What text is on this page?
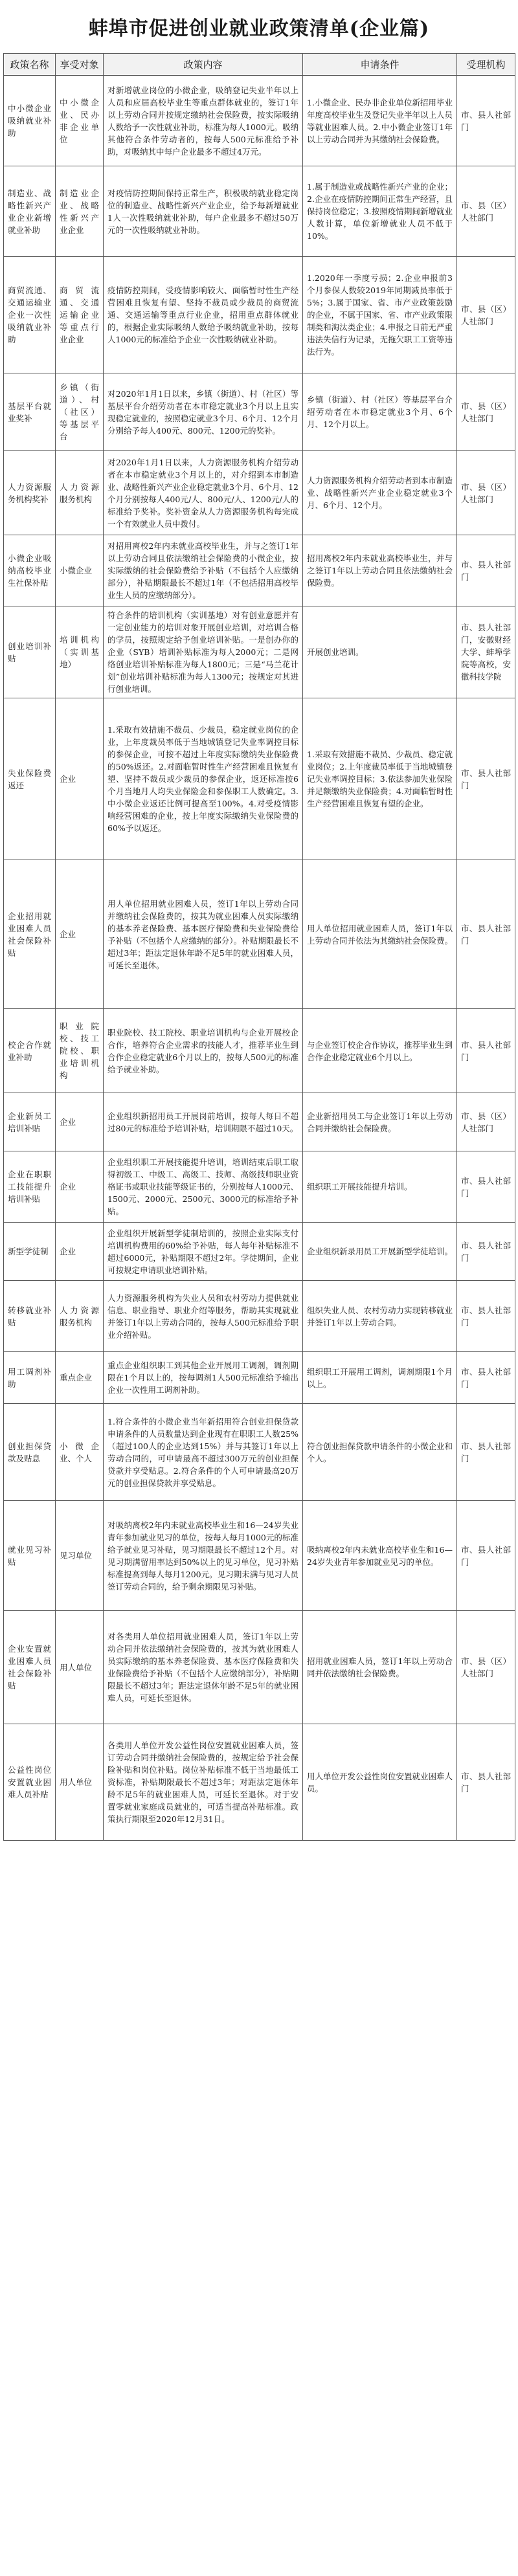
蚌埠市促进创业就业政策清单(企业篇)
政策名称	享受对象	政策内容	申请条件	受理机构
中小微企业吸纳就业补助	中小微企业、民办非企业单位	对新增就业岗位的小微企业，吸纳登记失业半年以上人员和应届高校毕业生等重点群体就业的，签订1年以上劳动合同并按规定缴纳社会保险费，按实际吸纳人数给予一次性就业补助，标准为每人1000元。吸纳其他符合条件劳动者的，按每人500元标准给予补助，对吸纳其中每户企业最多不超过4万元。	1.小微企业、民办非企业单位新招用毕业年度高校毕业生及登记失业半年以上人员等就业困难人员。2.中小微企业签订1年以上劳动合同并为其缴纳社会保险费。	市、县人社部门
制造业、战略性新兴产业企业新增就业补助	制造业企业、战略性新兴产业企业	对疫情防控期间保持正常生产，积极吸纳就业稳定岗位的制造业、战略性新兴产业企业，给予每新增就业1人一次性吸纳就业补助，每户企业最多不超过50万元的一次性吸纳就业补助。	1.属于制造业或战略性新兴产业的企业；2.企业在疫情防控期间正常生产经营，且保持岗位稳定；3.按照疫情期间新增就业人数计算，单位新增就业人员不低于10%。	市、县（区）人社部门
商贸流通、交通运输业企业一次性吸纳就业补助	商贸流通、交通运输企业等重点行业企业	疫情防控期间，受疫情影响较大、面临暂时性生产经营困难且恢复有望、坚持不裁员或少裁员的商贸流通、交通运输等重点行业企业，招用重点群体就业的，根据企业实际吸纳人数给予吸纳就业补助，按每人1000元的标准给予企业一次性吸纳就业补助。	1.2020年一季度亏损；2.企业申报前3个月参保人数较2019年同期减员率低于5%；3.属于国家、省、市产业政策鼓励的企业，不属于国家、省、市产业政策限制类和淘汰类企业；4.申报之日前无严重违法失信行为记录，无拖欠职工工资等违法行为。	市、县（区）人社部门
基层平台就业奖补	乡镇（街道）、村（社区）等基层平台	对2020年1月1日以来，乡镇（街道）、村（社区）等基层平台介绍劳动者在本市稳定就业3个月以上且实现稳定就业的，按照稳定就业3个月、6个月、12个月分别给予每人400元、800元、1200元的奖补。	乡镇（街道）、村（社区）等基层平台介绍劳动者在本市稳定就业3个月、6个月、12个月以上。	市、县（区）人社部门
人力资源服务机构奖补	人力资源服务机构	对2020年1月1日以来，人力资源服务机构介绍劳动者在本市稳定就业3个月以上的，对介绍到本市制造业、战略性新兴产业企业稳定就业3个月、6个月、12个月分别按每人400元/人、800元/人、1200元/人的标准给予奖补。奖补资金从人力资源服务机构每完成一个有效就业人员中拨付。	人力资源服务机构介绍劳动者到本市制造业、战略性新兴产业企业稳定就业3个月、6个月、12个月。	市、县（区）人社部门
小微企业吸纳高校毕业生社保补贴	小微企业	对招用离校2年内未就业高校毕业生，并与之签订1年以上劳动合同且依法缴纳社会保险费的小微企业，按实际缴纳的社会保险费给予补贴（不包括个人应缴纳部分），补贴期限最长不超过1年（不包括招用高校毕业生人员的应缴纳部分）。	招用离校2年内未就业高校毕业生，并与之签订1年以上劳动合同且依法缴纳社会保险费。	市、县人社部门
创业培训补贴	培训机构（实训基地）	符合条件的培训机构（实训基地）对有创业意愿并有一定创业能力的培训对象开展创业培训，对培训合格的学员，按照规定给予创业培训补贴。一是创办你的企业（SYB）培训补贴标准为每人2000元；二是网络创业培训补贴标准为每人1800元；三是“马兰花计划”创业培训补贴标准为每人1300元；按规定对其进行创业培训。	开展创业培训。	市、县人社部门，安徽财经大学、蚌埠学院等高校，安徽科技学院
失业保险费返还	企业	1.采取有效措施不裁员、少裁员，稳定就业岗位的企业，上年度裁员率低于当地城镇登记失业率调控目标的参保企业，可按不超过上年度实际缴纳失业保险费的50%返还。2.对面临暂时性生产经营困难且恢复有望、坚持不裁员或少裁员的参保企业，返还标准按6个月当地月人均失业保险金和参保职工人数确定。3.中小微企业返还比例可提高至100%。4.对受疫情影响经营困难的企业，按上年度实际缴纳失业保险费的60%予以返还。	1.采取有效措施不裁员、少裁员、稳定就业岗位；2.上年度裁员率低于当地城镇登记失业率调控目标；3.依法参加失业保险并足额缴纳失业保险费；4.对面临暂时性生产经营困难且恢复有望的企业。	市、县人社部门
企业招用就业困难人员社会保险补贴	企业	用人单位招用就业困难人员，签订1年以上劳动合同并缴纳社会保险费的，按其为就业困难人员实际缴纳的基本养老保险费、基本医疗保险费和失业保险费给予补贴（不包括个人应缴纳的部分）。补贴期限最长不超过3年；距法定退休年龄不足5年的就业困难人员，可延长至退休。	用人单位招用就业困难人员，签订1年以上劳动合同并依法为其缴纳社会保险费。	市、县人社部门
校企合作就业补助	职业院校、技工院校、职业培训机构	职业院校、技工院校、职业培训机构与企业开展校企合作，培养符合企业需求的技能人才，推荐毕业生到合作企业稳定就业6个月以上的，按每人500元的标准给予就业补助。	与企业签订校企合作协议，推荐毕业生到合作企业稳定就业6个月以上。	市、县人社部门
企业新员工培训补贴	企业	企业组织新招用员工开展岗前培训，按每人每日不超过80元的标准给予培训补贴，培训期限不超过10天。	企业新招用员工与企业签订1年以上劳动合同并缴纳社会保险费。	市、县（区）人社部门
企业在职职工技能提升培训补贴	企业	企业组织职工开展技能提升培训，培训结束后职工取得初级工、中级工、高级工、技师、高级技师职业资格证书或职业技能等级证书的，分别按每人1000元、1500元、2000元、2500元、3000元的标准给予补贴。	组织职工开展技能提升培训。	市、县人社部门
新型学徒制	企业	企业组织开展新型学徒制培训的，按照企业实际支付培训机构费用的60%给予补贴，每人每年补贴标准不超过6000元，补贴期限不超过2年。学徒期间，企业可按规定申请职业培训补贴。	企业组织新录用员工开展新型学徒培训。	市、县人社部门
转移就业补贴	人力资源服务机构	人力资源服务机构为失业人员和农村劳动力提供就业信息、职业指导、职业介绍等服务，帮助其实现就业并签订1年以上劳动合同的，按每人500元标准给予职业介绍补贴。	组织失业人员、农村劳动力实现转移就业并签订1年以上劳动合同。	市、县人社部门
用工调剂补助	重点企业	重点企业组织职工到其他企业开展用工调剂，调剂期限在1个月以上的，按每调剂1人500元标准给予输出企业一次性用工调剂补助。	组织职工开展用工调剂，调剂期限1个月以上。	市、县人社部门
创业担保贷款及贴息	小微企业、个人	1.符合条件的小微企业当年新招用符合创业担保贷款申请条件的人员数量达到企业现有在职职工人数25%（超过100人的企业达到15%）并与其签订1年以上劳动合同的，可申请最高不超过300万元的创业担保贷款并享受贴息。2.符合条件的个人可申请最高20万元的创业担保贷款并享受贴息。	符合创业担保贷款申请条件的小微企业和个人。	市、县人社部门
就业见习补贴	见习单位	对吸纳离校2年内未就业高校毕业生和16—24岁失业青年参加就业见习的单位，按每人每月1000元的标准给予就业见习补贴，见习期限最长不超过12个月。对见习期满留用率达到50%以上的见习单位，见习补贴标准提高到每人每月1200元。见习期未满与见习人员签订劳动合同的，给予剩余期限见习补贴。	吸纳离校2年内未就业高校毕业生和16—24岁失业青年参加就业见习的单位。	市、县人社部门
企业安置就业困难人员社会保险补贴	用人单位	对各类用人单位招用就业困难人员，签订1年以上劳动合同并依法缴纳社会保险费的，按其为就业困难人员实际缴纳的基本养老保险费、基本医疗保险费和失业保险费给予补贴（不包括个人应缴纳部分），补贴期限最长不超过3年；距法定退休年龄不足5年的就业困难人员，可延长至退休。	招用就业困难人员，签订1年以上劳动合同并依法缴纳社会保险费。	市、县（区）人社部门
公益性岗位安置就业困难人员补贴	用人单位	各类用人单位开发公益性岗位安置就业困难人员，签订劳动合同并缴纳社会保险费的，按规定给予社会保险补贴和岗位补贴。岗位补贴标准不低于当地最低工资标准，补贴期限最长不超过3年；对距法定退休年龄不足5年的就业困难人员，可延长至退休。对于安置零就业家庭成员就业的，可适当提高补贴标准。政策执行期限至2020年12月31日。	用人单位开发公益性岗位安置就业困难人员。	市、县人社部门
